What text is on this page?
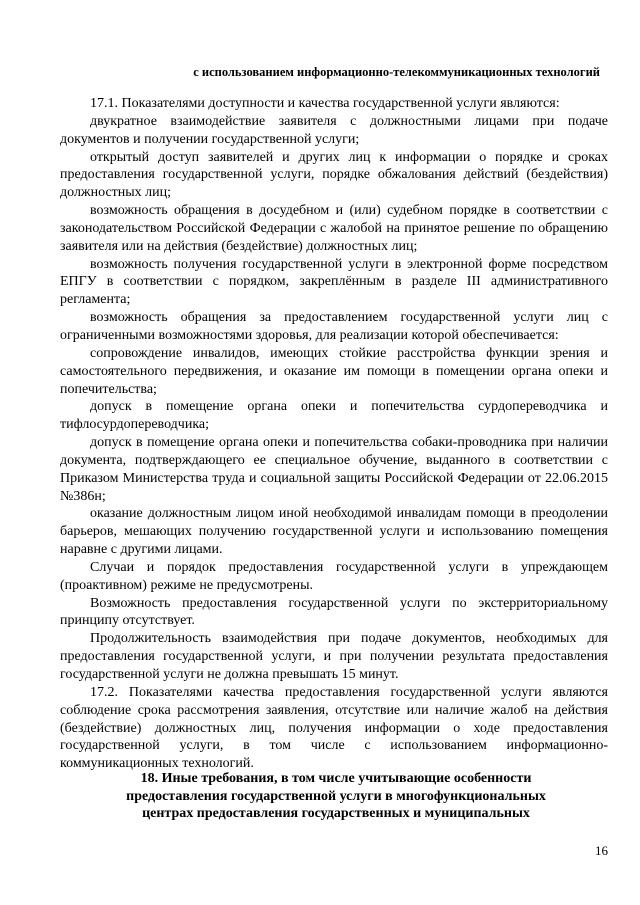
с использованием информационно-телекоммуникационных технологий

17.1. Показателями доступности и качества государственной услуги являются:

двукратное взаимодействие заявителя с должностными лицами при подаче документов и получении государственной услуги;

открытый доступ заявителей и других лиц к информации о порядке и сроках предоставления государственной услуги, порядке обжалования действий (бездействия) должностных лиц;

возможность обращения в досудебном и (или) судебном порядке в соответствии с законодательством Российской Федерации с жалобой на принятое решение по обращению заявителя или на действия (бездействие) должностных лиц;

возможность получения государственной услуги в электронной форме посредством ЕПГУ в соответствии с порядком, закреплённым в разделе III административного регламента;

возможность обращения за предоставлением государственной услуги лиц с ограниченными возможностями здоровья, для реализации которой обеспечивается:

сопровождение инвалидов, имеющих стойкие расстройства функции зрения и самостоятельного передвижения, и оказание им помощи в помещении органа опеки и попечительства;

допуск в помещение органа опеки и попечительства сурдопереводчика и тифлосурдопереводчика;

допуск в помещение органа опеки и попечительства собаки-проводника при наличии документа, подтверждающего ее специальное обучение, выданного в соответствии с Приказом Министерства труда и социальной защиты Российской Федерации от 22.06.2015 №386н;

оказание должностным лицом иной необходимой инвалидам помощи в преодолении барьеров, мешающих получению государственной услуги и использованию помещения наравне с другими лицами.

Случаи и порядок предоставления государственной услуги в упреждающем (проактивном) режиме не предусмотрены.

Возможность предоставления государственной услуги по экстерриториальному принципу отсутствует.

Продолжительность взаимодействия при подаче документов, необходимых для предоставления государственной услуги, и при получении результата предоставления государственной услуги не должна превышать 15 минут.

17.2. Показателями качества предоставления государственной услуги являются соблюдение срока рассмотрения заявления, отсутствие или наличие жалоб на действия (бездействие) должностных лиц, получения информации о ходе предоставления государственной услуги, в том числе с использованием информационно-коммуникационных технологий.

18. Иные требования, в том числе учитывающие особенности
предоставления государственной услуги в многофункциональных
центрах предоставления государственных и муниципальных
16
